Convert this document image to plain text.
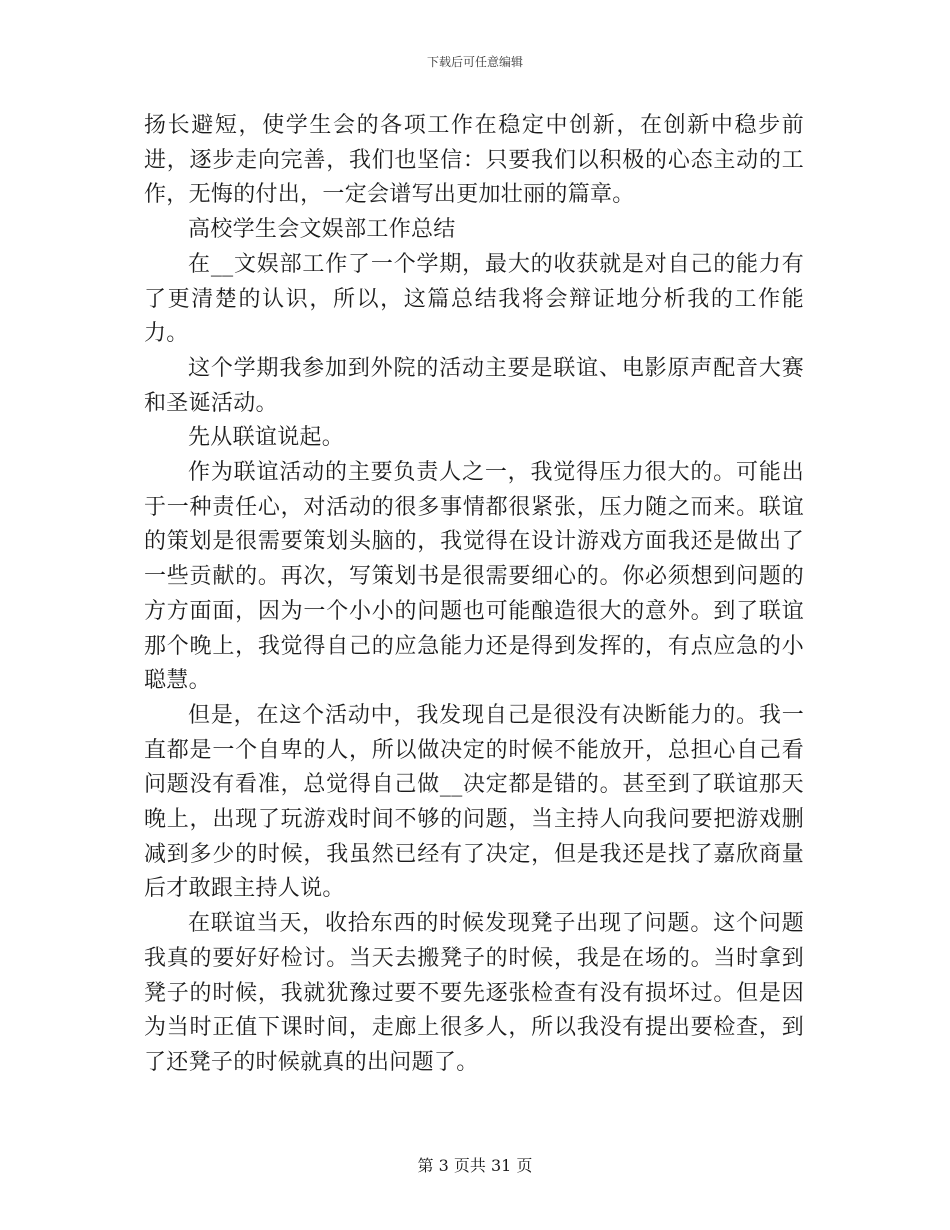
下载后可任意编辑

扬长避短，使学生会的各项工作在稳定中创新，在创新中稳步前进，逐步走向完善，我们也坚信：只要我们以积极的心态主动的工作，无悔的付出，一定会谱写出更加壮丽的篇章。

高校学生会文娱部工作总结

在__文娱部工作了一个学期，最大的收获就是对自己的能力有了更清楚的认识，所以，这篇总结我将会辩证地分析我的工作能力。

这个学期我参加到外院的活动主要是联谊、电影原声配音大赛和圣诞活动。

先从联谊说起。

作为联谊活动的主要负责人之一，我觉得压力很大的。可能出于一种责任心，对活动的很多事情都很紧张，压力随之而来。联谊的策划是很需要策划头脑的，我觉得在设计游戏方面我还是做出了一些贡献的。再次，写策划书是很需要细心的。你必须想到问题的方方面面，因为一个小小的问题也可能酿造很大的意外。到了联谊那个晚上，我觉得自己的应急能力还是得到发挥的，有点应急的小聪慧。

但是，在这个活动中，我发现自己是很没有决断能力的。我一直都是一个自卑的人，所以做决定的时候不能放开，总担心自己看问题没有看准，总觉得自己做__决定都是错的。甚至到了联谊那天晚上，出现了玩游戏时间不够的问题，当主持人向我问要把游戏删减到多少的时候，我虽然已经有了决定，但是我还是找了嘉欣商量后才敢跟主持人说。

在联谊当天，收拾东西的时候发现凳子出现了问题。这个问题我真的要好好检讨。当天去搬凳子的时候，我是在场的。当时拿到凳子的时候，我就犹豫过要不要先逐张检查有没有损坏过。但是因为当时正值下课时间，走廊上很多人，所以我没有提出要检查，到了还凳子的时候就真的出问题了。

第 3 页共 31 页
